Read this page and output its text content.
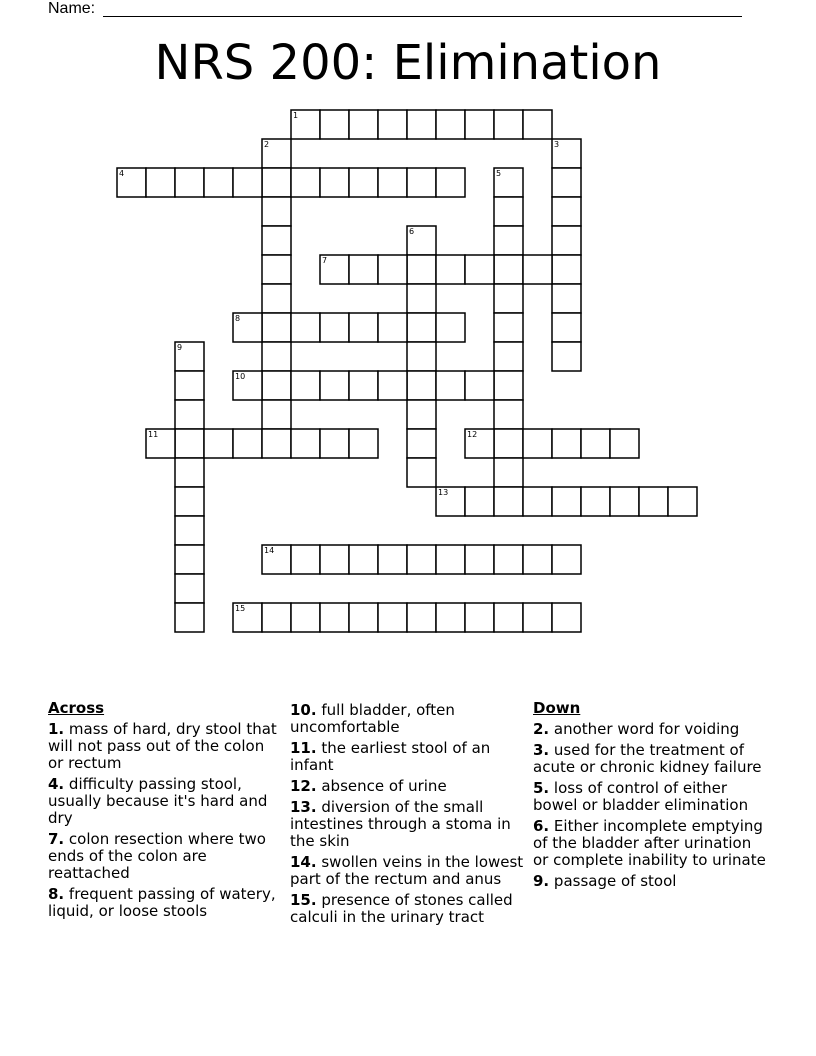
Name:
NRS 200: Elimination
1
2	3
4	5
6
7
8
9
10
11	12
13
14
15
Across
1. mass of hard, dry stool that will not pass out of the colon or rectum
4. difficulty passing stool, usually because it's hard and dry
7. colon resection where two ends of the colon are reattached
8. frequent passing of watery, liquid, or loose stools
10. full bladder, often uncomfortable
11. the earliest stool of an infant
12. absence of urine
13. diversion of the small intestines through a stoma in the skin
14. swollen veins in the lowest part of the rectum and anus
15. presence of stones called calculi in the urinary tract
Down
2. another word for voiding
3. used for the treatment of acute or chronic kidney failure
5. loss of control of either bowel or bladder elimination
6. Either incomplete emptying of the bladder after urination or complete inability to urinate
9. passage of stool
